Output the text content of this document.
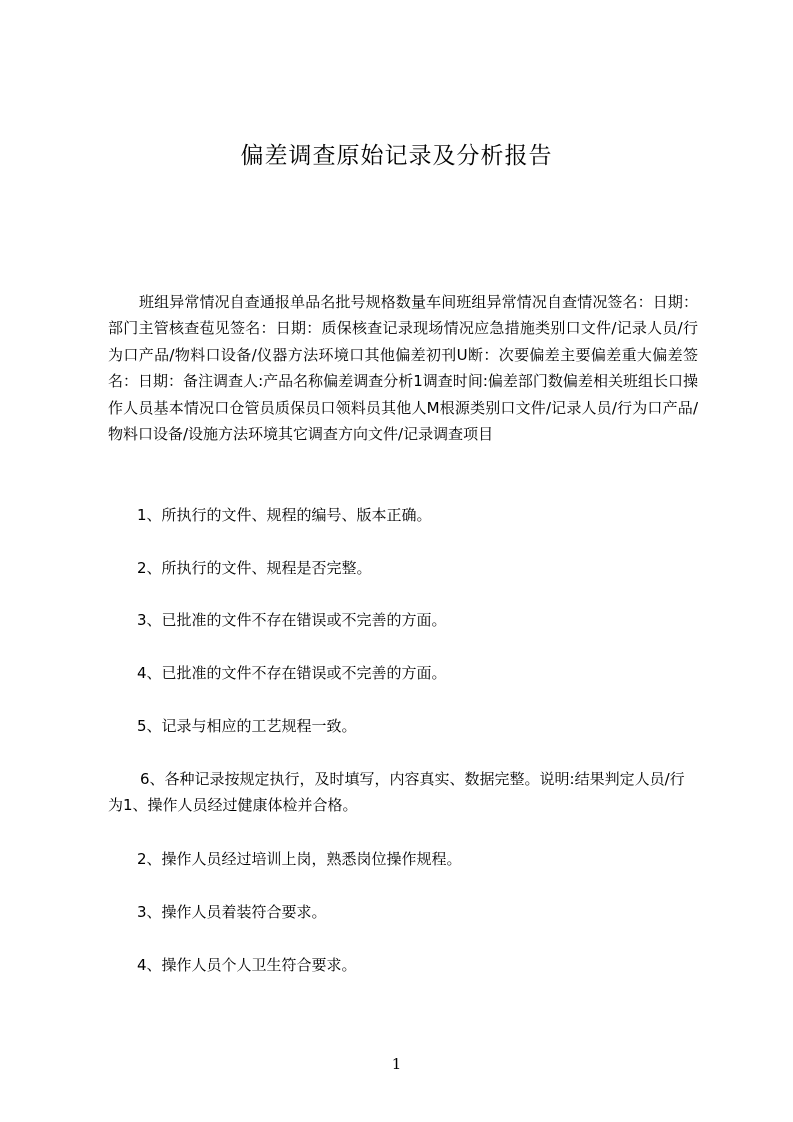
偏差调查原始记录及分析报告

班组异常情况自查通报单品名批号规格数量车间班组异常情况自查情况签名：日期：部门主管核查苞见签名：日期：质保核查记录现场情况应急措施类别口文件/记录人员/行为口产品/物料口设备/仪器方法环境口其他偏差初刊U断：次要偏差主要偏差重大偏差签名：日期：备注调查人:产品名称偏差调查分析1调查时间:偏差部门数偏差相关班组长口操作人员基本情况口仓管员质保员口领料员其他人M根源类别口文件/记录人员/行为口产品/物料口设备/设施方法环境其它调查方向文件/记录调查项目

1、所执行的文件、规程的编号、版本正确。

2、所执行的文件、规程是否完整。

3、已批准的文件不存在错误或不完善的方面。

4、已批准的文件不存在错误或不完善的方面。

5、记录与相应的工艺规程一致。

6、各种记录按规定执行，及时填写，内容真实、数据完整。说明:结果判定人员/行为1、操作人员经过健康体检并合格。

2、操作人员经过培训上岗，熟悉岗位操作规程。

3、操作人员着装符合要求。

4、操作人员个人卫生符合要求。

1
